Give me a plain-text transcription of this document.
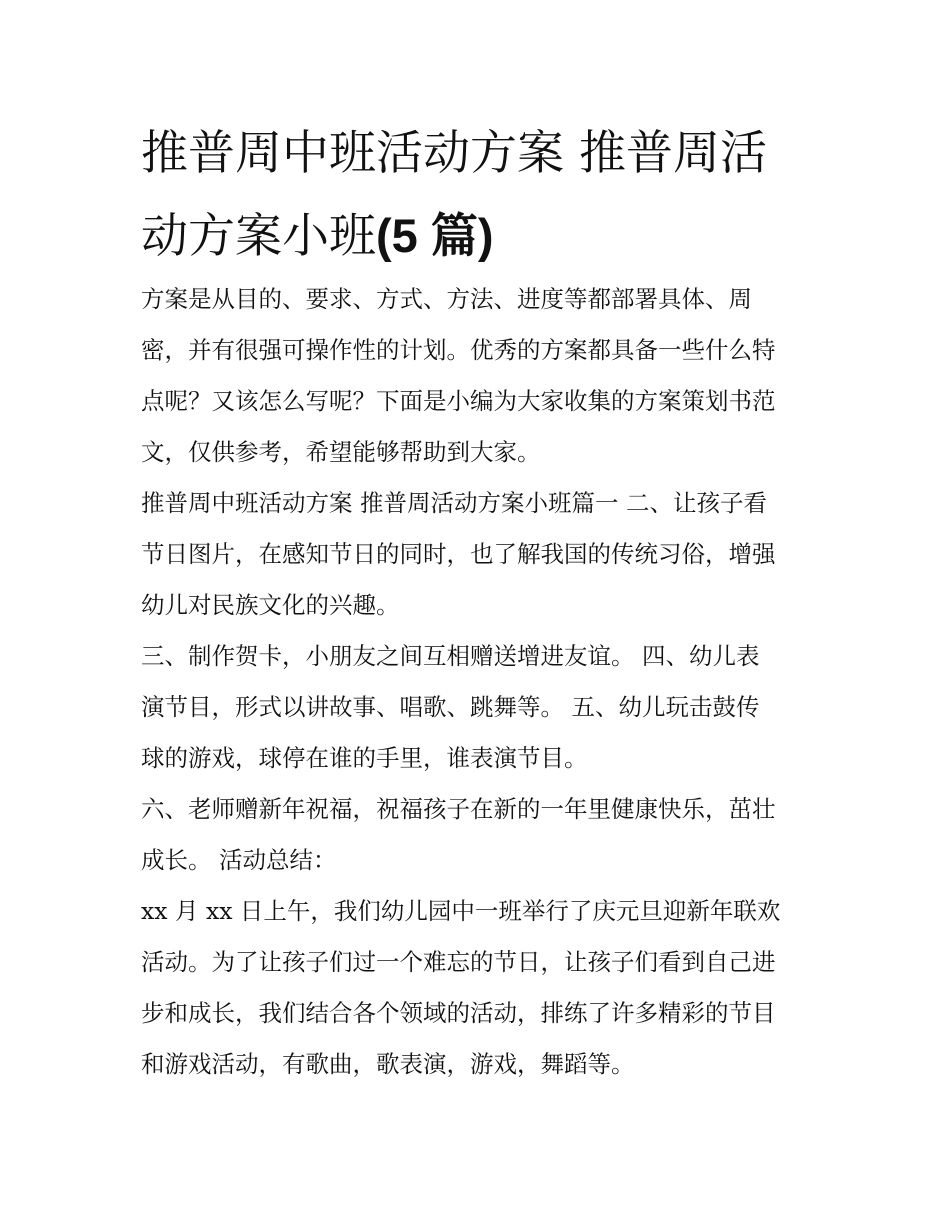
推普周中班活动方案 推普周活
动方案小班(5 篇)
方案是从目的、要求、方式、方法、进度等都部署具体、周
密，并有很强可操作性的计划。优秀的方案都具备一些什么特
点呢？又该怎么写呢？下面是小编为大家收集的方案策划书范
文，仅供参考，希望能够帮助到大家。
推普周中班活动方案 推普周活动方案小班篇一 二、让孩子看
节日图片，在感知节日的同时，也了解我国的传统习俗，增强
幼儿对民族文化的兴趣。
三、制作贺卡，小朋友之间互相赠送增进友谊。 四、幼儿表
演节目，形式以讲故事、唱歌、跳舞等。 五、幼儿玩击鼓传
球的游戏，球停在谁的手里，谁表演节目。
六、老师赠新年祝福，祝福孩子在新的一年里健康快乐，茁壮
成长。 活动总结：
xx 月 xx 日上午，我们幼儿园中一班举行了庆元旦迎新年联欢
活动。为了让孩子们过一个难忘的节日，让孩子们看到自己进
步和成长，我们结合各个领域的活动，排练了许多精彩的节目
和游戏活动，有歌曲，歌表演，游戏，舞蹈等。
